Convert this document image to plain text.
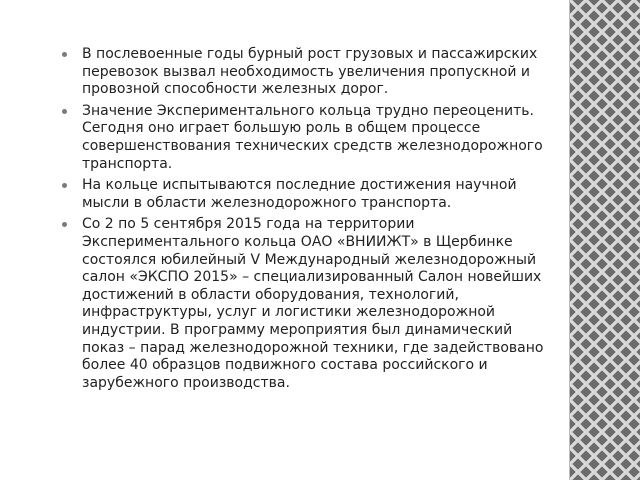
В послевоенные годы бурный рост грузовых и пассажирских перевозок вызвал необходимость увеличения пропускной и провозной способности железных дорог.
Значение Экспериментального кольца трудно переоценить. Сегодня оно играет большую роль в общем процессе совершенствования технических средств железнодорожного транспорта.
На кольце испытываются последние достижения научной мысли в области железнодорожного транспорта.
Со 2 по 5 сентября 2015 года на территории Экспериментального кольца ОАО «ВНИИЖТ» в Щербинке состоялся юбилейный V Международный железнодорожный салон «ЭКСПО 2015» – специализированный Салон новейших достижений в области оборудования, технологий, инфраструктуры, услуг и логистики железнодорожной индустрии. В программу мероприятия был динамический показ – парад железнодорожной техники, где задействовано более 40 образцов подвижного состава российского и зарубежного производства.
